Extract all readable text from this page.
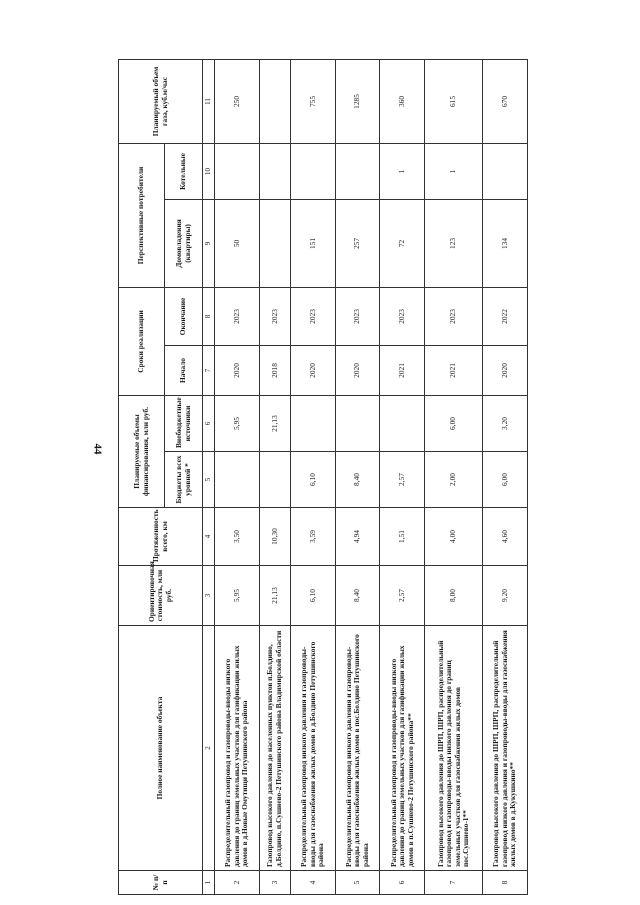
44
№ п/п	Полное наименование объекта	Ориентировочная стоимость, млн руб.	Протяженность всего, км	Планируемые объемы финансирования, млн руб.		Сроки реализации		Перспективные потребители		Планируемый объем газа, куб.м/час
				Бюджеты всех уровней *	Внебюджетные источники	Начало	Окончание	Домовладения (квартиры)	Котельные	
1	2	3	4	5	6	7	8	9	10	11
2	Распределительный газопровод и газопроводы-вводы низкого давления до границ земельных участков для газификации жилых домов в д.Новые Омутищи Петушинского района	5,95	3,50		5,95	2020	2023	50		250
3	Газопровод высокого давления до населенных пунктов п.Болдино, д.Болдино, п.Сушнево-2 Петушинского района Владимирской области	21,13	10,30		21,13	2018	2023			
4	Распределительный газопровод низкого давления и газопроводы-вводы для газоснабжения жилых домов в д.Болдино Петушинского района	6,10	3,59	6,10		2020	2023	151		755
5	Распределительный газопровод низкого давления и газопроводы-вводы для газоснабжения жилых домов в пос.Болдино Петушинского района	8,40	4,94	8,40		2020	2023	257		1285
6	Распределительный газопровод и газопроводы-вводы низкого давления до границ земельных участков для газификации жилых домов в п.Сушнево-2 Петушинского района**	2,57	1,51	2,57		2021	2023	72	1	360
7	Газопровод высокого давления до ШРП, ШРП, распределительный газопровод и газопроводы-вводы низкого давления до границ земельных участков для газоснабжения жилых домов пос.Сушнево-1**	8,00	4,00	2,00	6,00	2021	2023	123	1	615
8	Газопровод высокого давления до ШРП, ШРП, распределительный газопровод низкого давления и газопроводы-вводы для газоснабжения жилых домов в д.Кукушкино**	9,20	4,60	6,00	3,20	2020	2022	134		670
